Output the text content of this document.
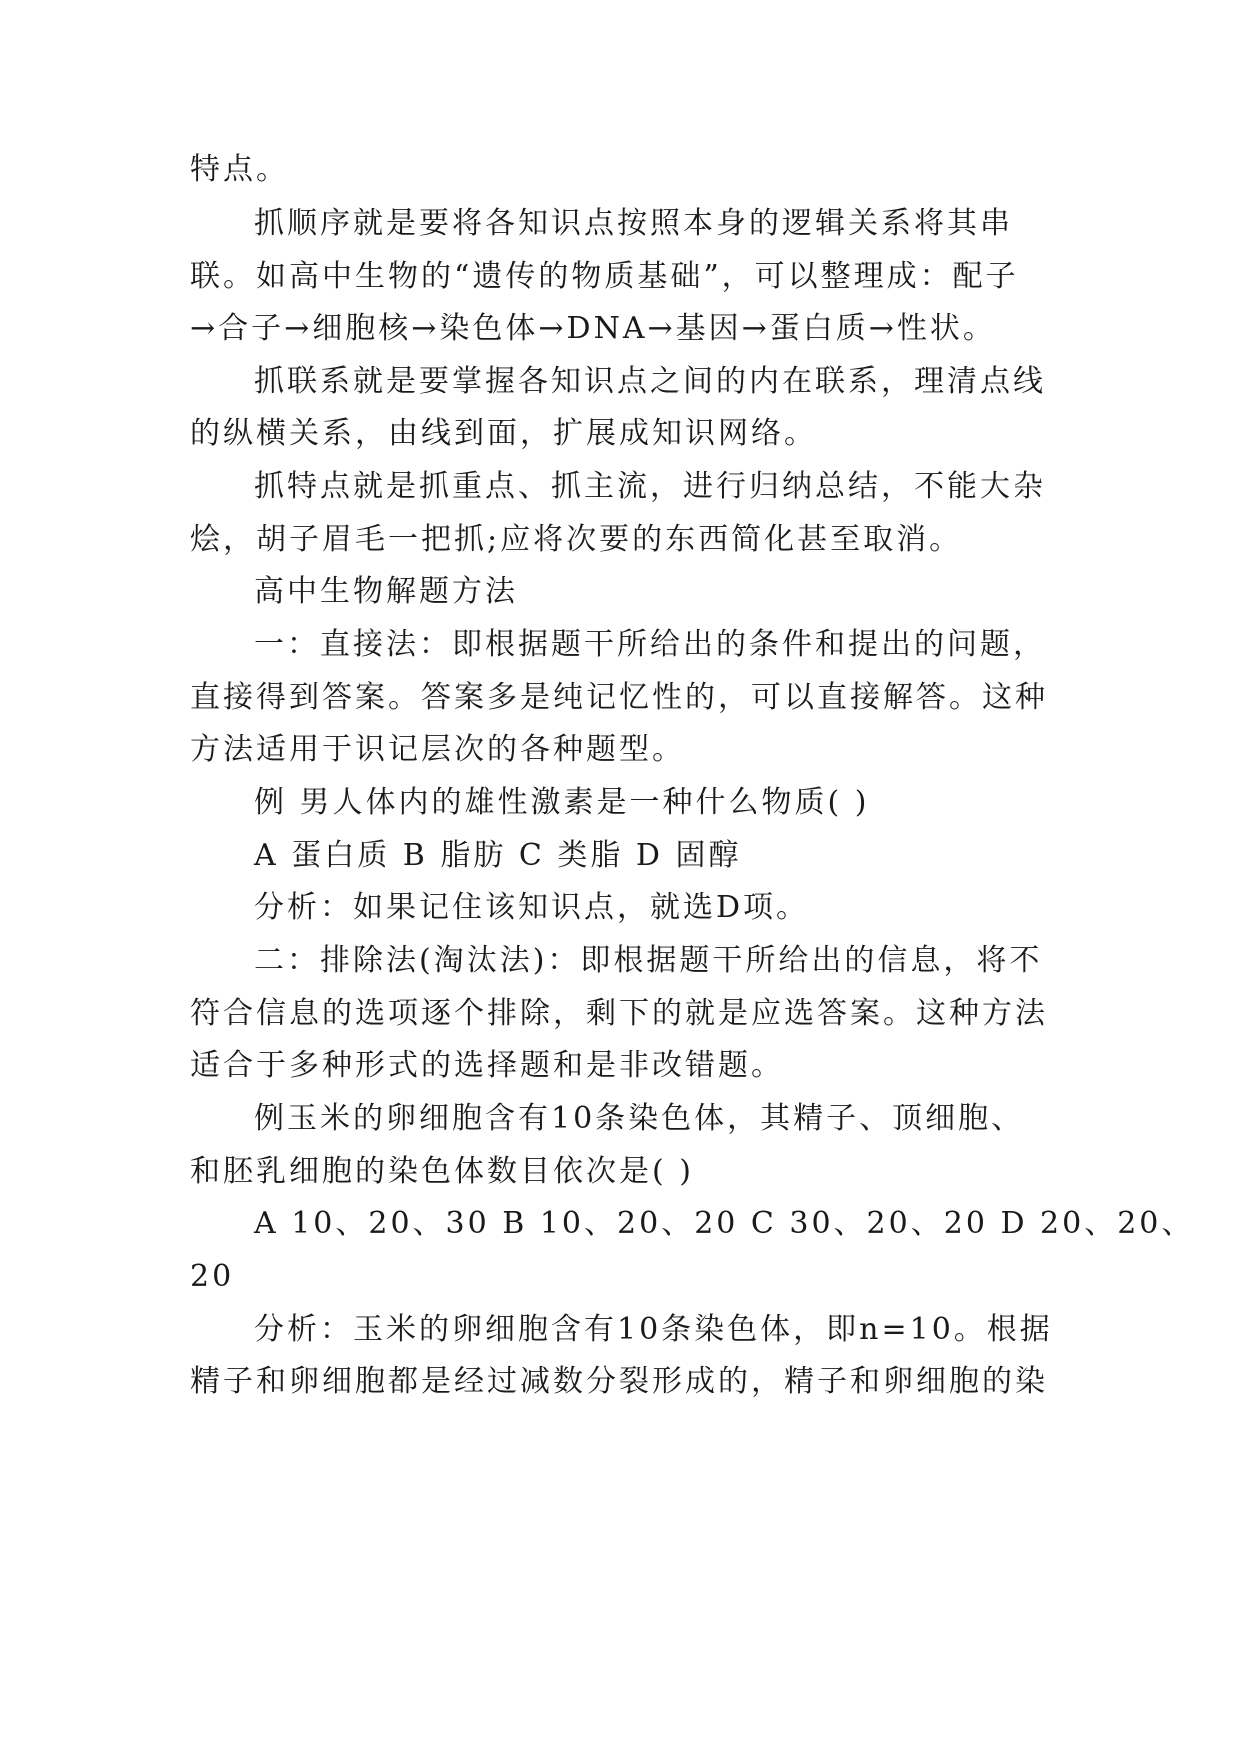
特点。
抓顺序就是要将各知识点按照本身的逻辑关系将其串
联。如高中生物的“遗传的物质基础”，可以整理成：配子
→合子→细胞核→染色体→DNA→基因→蛋白质→性状。
抓联系就是要掌握各知识点之间的内在联系，理清点线
的纵横关系，由线到面，扩展成知识网络。
抓特点就是抓重点、抓主流，进行归纳总结，不能大杂
烩，胡子眉毛一把抓;应将次要的东西简化甚至取消。
高中生物解题方法
一：直接法：即根据题干所给出的条件和提出的问题，
直接得到答案。答案多是纯记忆性的，可以直接解答。这种
方法适用于识记层次的各种题型。
例 男人体内的雄性激素是一种什么物质( )
A 蛋白质 B 脂肪 C 类脂 D 固醇
分析：如果记住该知识点，就选D项。
二：排除法(淘汰法)：即根据题干所给出的信息，将不
符合信息的选项逐个排除，剩下的就是应选答案。这种方法
适合于多种形式的选择题和是非改错题。
例玉米的卵细胞含有10条染色体，其精子、顶细胞、
和胚乳细胞的染色体数目依次是( )
A 10、20、30 B 10、20、20 C 30、20、20 D 20、20、
20
分析：玉米的卵细胞含有10条染色体，即n=10。根据
精子和卵细胞都是经过减数分裂形成的，精子和卵细胞的染
